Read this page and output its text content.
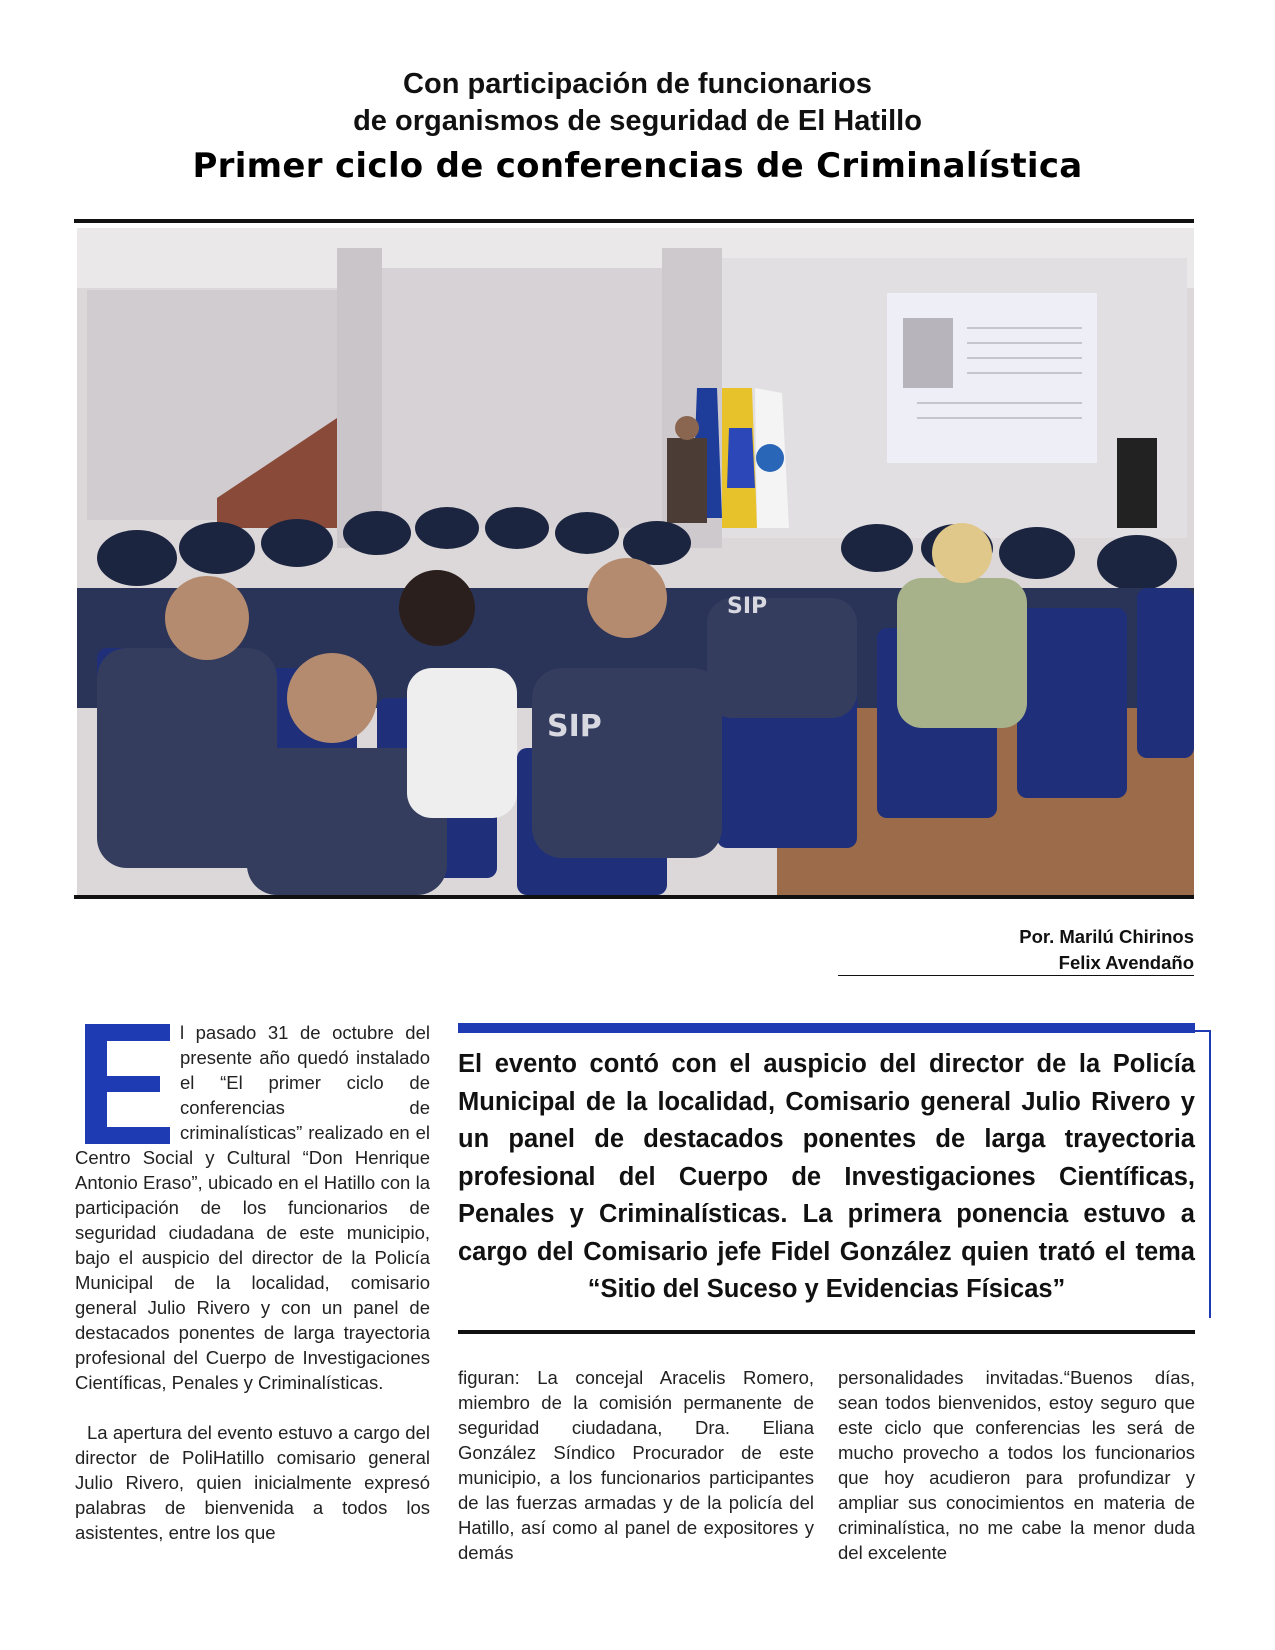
Con participación de funcionarios
de organismos de seguridad de El Hatillo
Primer ciclo de conferencias de Criminalística
SIP
SIP
Por. Marilú Chirinos
Felix Avendaño

l pasado 31 de octubre del presente año quedó instalado el “El primer ciclo de conferencias de criminalísticas” realizado en el Centro Social y Cultural “Don Henrique Antonio Eraso”, ubicado en el Hatillo con la participación de los funcionarios de seguridad ciudadana de este municipio, bajo el auspicio del director de la Policía Municipal de la localidad, comisario general Julio Rivero y con un panel de destacados ponentes de larga trayectoria profesional del Cuerpo de Investigaciones Científicas, Penales y Criminalísticas.

La apertura del evento estuvo a cargo del director de PoliHatillo comisario general Julio Rivero, quien inicialmente expresó palabras de bienvenida a todos los asistentes, entre los que

El evento contó con el auspicio del director de la Policía Municipal de la localidad, Comisario general Julio Rivero y un panel de destacados ponentes de larga trayectoria profesional del Cuerpo de Investigaciones Científicas, Penales y Criminalísticas. La primera ponencia estuvo a cargo del Comisario jefe Fidel González quien trató el tema “Sitio del Suceso y Evidencias Físicas”

figuran: La concejal Aracelis Romero, miembro de la comisión permanente de seguridad ciudadana, Dra. Eliana González Síndico Procurador de este municipio, a los funcionarios participantes de las fuerzas armadas y de la policía del Hatillo, así como al panel de expositores y demás

personalidades invitadas.“Buenos días, sean todos bienvenidos, estoy seguro que este ciclo que conferencias les será de mucho provecho a todos los funcionarios que hoy acudieron para profundizar y ampliar sus conocimientos en materia de criminalística, no me cabe la menor duda del excelente
